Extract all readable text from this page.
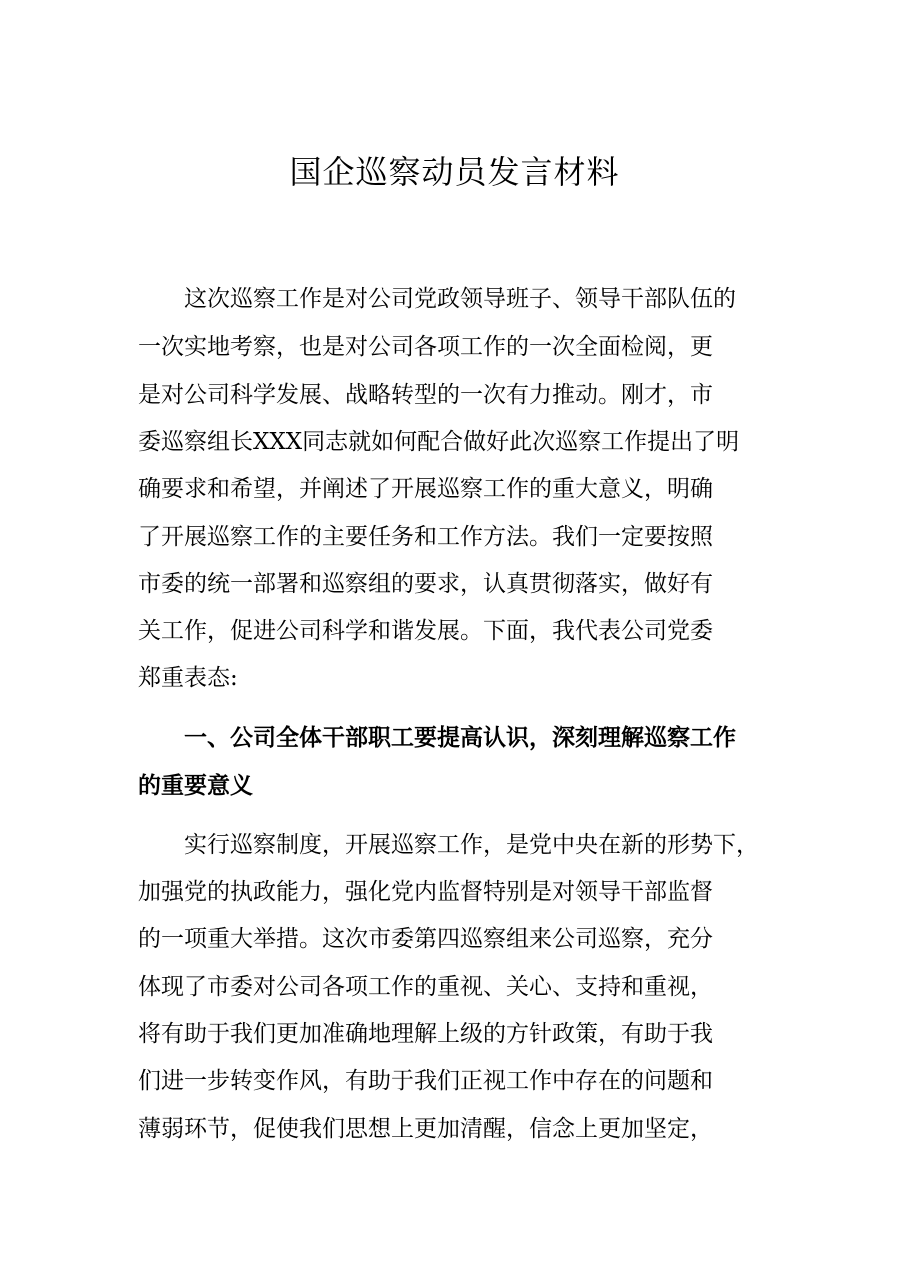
国企巡察动员发言材料
　　这次巡察工作是对公司党政领导班子、领导干部队伍的
一次实地考察，也是对公司各项工作的一次全面检阅，更
是对公司科学发展、战略转型的一次有力推动。刚才，市
委巡察组长XXX同志就如何配合做好此次巡察工作提出了明
确要求和希望，并阐述了开展巡察工作的重大意义，明确
了开展巡察工作的主要任务和工作方法。我们一定要按照
市委的统一部署和巡察组的要求，认真贯彻落实，做好有
关工作，促进公司科学和谐发展。下面，我代表公司党委
郑重表态:
　　一、公司全体干部职工要提高认识，深刻理解巡察工作
的重要意义
　　实行巡察制度，开展巡察工作，是党中央在新的形势下，
加强党的执政能力，强化党内监督特别是对领导干部监督
的一项重大举措。这次市委第四巡察组来公司巡察，充分
体现了市委对公司各项工作的重视、关心、支持和重视，
将有助于我们更加准确地理解上级的方针政策，有助于我
们进一步转变作风，有助于我们正视工作中存在的问题和
薄弱环节，促使我们思想上更加清醒，信念上更加坚定，
